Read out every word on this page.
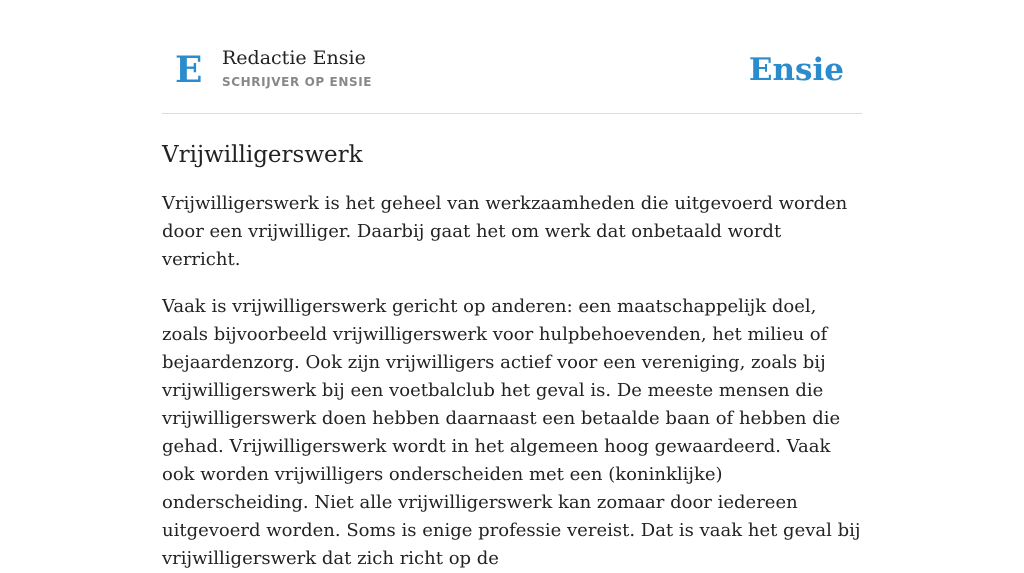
E Redactie Ensie
SCHRIJVER OP ENSIE	Ensie
Vrijwilligerswerk

Vrijwilligerswerk is het geheel van werkzaamheden die uitgevoerd worden door een vrijwilliger. Daarbij gaat het om werk dat onbetaald wordt verricht.

Vaak is vrijwilligerswerk gericht op anderen: een maatschappelijk doel, zoals bijvoorbeeld vrijwilligerswerk voor hulpbehoevenden, het milieu of bejaardenzorg. Ook zijn vrijwilligers actief voor een vereniging, zoals bij vrijwilligerswerk bij een voetbalclub het geval is. De meeste mensen die vrijwilligerswerk doen hebben daarnaast een betaalde baan of hebben die gehad. Vrijwilligerswerk wordt in het algemeen hoog gewaardeerd. Vaak ook worden vrijwilligers onderscheiden met een (koninklijke) onderscheiding. Niet alle vrijwilligerswerk kan zomaar door iedereen uitgevoerd worden. Soms is enige professie vereist. Dat is vaak het geval bij vrijwilligerswerk dat zich richt op de
